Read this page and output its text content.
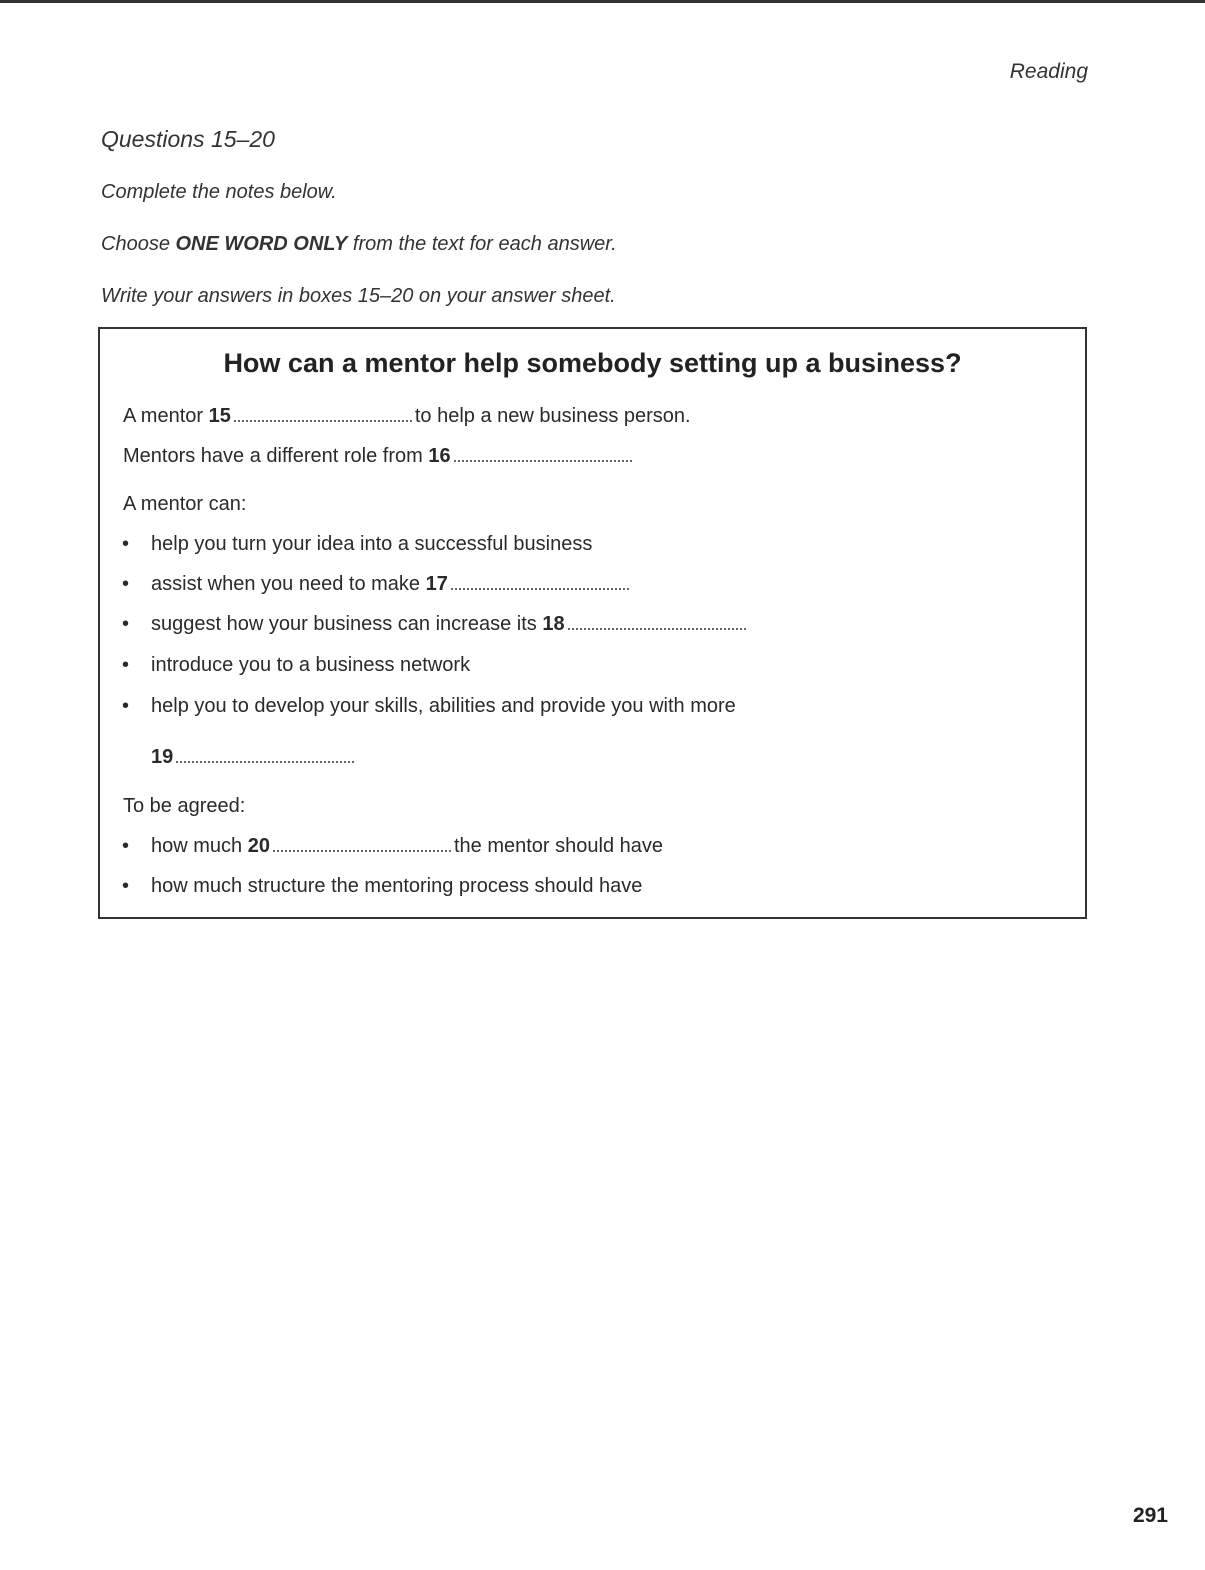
Reading
Questions 15–20
Complete the notes below.
Choose ONE WORD ONLY from the text for each answer.
Write your answers in boxes 15–20 on your answer sheet.
How can a mentor help somebody setting up a business?
A mentor 15	to help a new business person.
Mentors have a different role from 16
A mentor can:
• help you turn your idea into a successful business
• assist when you need to make 17
• suggest how your business can increase its 18
• introduce you to a business network
• help you to develop your skills, abilities and provide you with more
19
To be agreed:
• how much 20	the mentor should have
• how much structure the mentoring process should have
291
